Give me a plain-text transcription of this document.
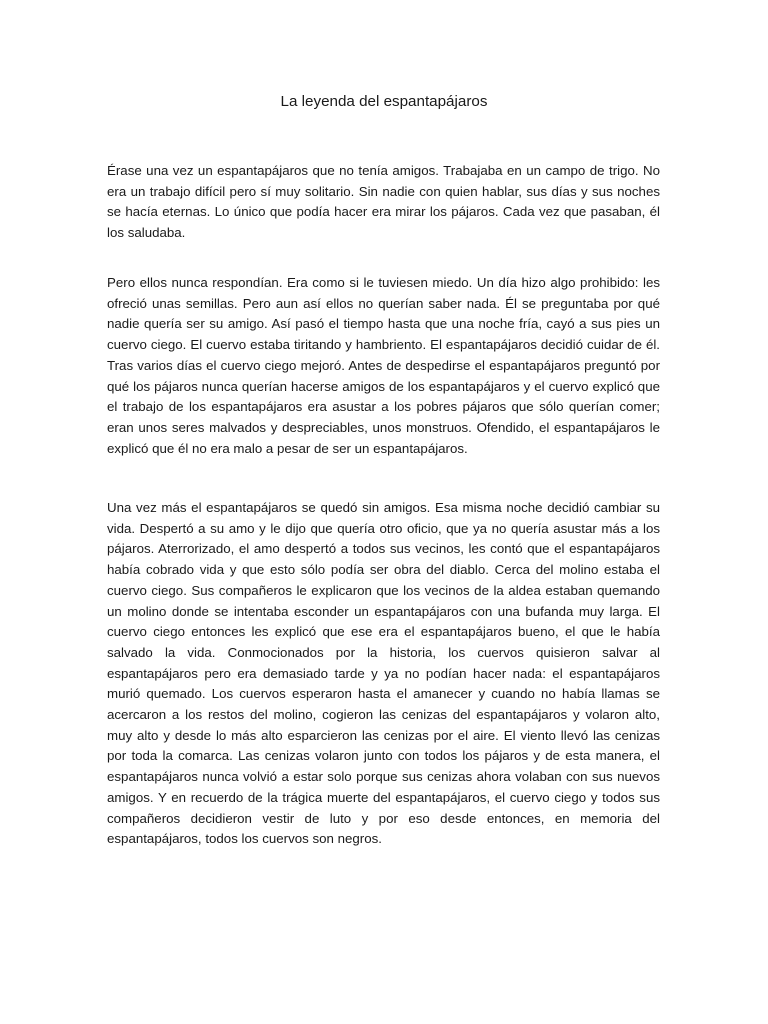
La leyenda del espantapájaros

Érase una vez un espantapájaros que no tenía amigos. Trabajaba en un campo de trigo. No era un trabajo difícil pero sí muy solitario. Sin nadie con quien hablar, sus días y sus noches se hacía eternas. Lo único que podía hacer era mirar los pájaros. Cada vez que pasaban, él los saludaba.

Pero ellos nunca respondían. Era como si le tuviesen miedo. Un día hizo algo prohibido: les ofreció unas semillas. Pero aun así ellos no querían saber nada. Él se preguntaba por qué nadie quería ser su amigo. Así pasó el tiempo hasta que una noche fría, cayó a sus pies un cuervo ciego. El cuervo estaba tiritando y hambriento. El espantapájaros decidió cuidar de él. Tras varios días el cuervo ciego mejoró. Antes de despedirse el espantapájaros preguntó por qué los pájaros nunca querían hacerse amigos de los espantapájaros y el cuervo explicó que el trabajo de los espantapájaros era asustar a los pobres pájaros que sólo querían comer; eran unos seres malvados y despreciables, unos monstruos. Ofendido, el espantapájaros le explicó que él no era malo a pesar de ser un espantapájaros.

Una vez más el espantapájaros se quedó sin amigos. Esa misma noche decidió cambiar su vida. Despertó a su amo y le dijo que quería otro oficio, que ya no quería asustar más a los pájaros. Aterrorizado, el amo despertó a todos sus vecinos, les contó que el espantapájaros había cobrado vida y que esto sólo podía ser obra del diablo. Cerca del molino estaba el cuervo ciego. Sus compañeros le explicaron que los vecinos de la aldea estaban quemando un molino donde se intentaba esconder un espantapájaros con una bufanda muy larga. El cuervo ciego entonces les explicó que ese era el espantapájaros bueno, el que le había salvado la vida. Conmocionados por la historia, los cuervos quisieron salvar al espantapájaros pero era demasiado tarde y ya no podían hacer nada: el espantapájaros murió quemado. Los cuervos esperaron hasta el amanecer y cuando no había llamas se acercaron a los restos del molino, cogieron las cenizas del espantapájaros y volaron alto, muy alto y desde lo más alto esparcieron las cenizas por el aire. El viento llevó las cenizas por toda la comarca. Las cenizas volaron junto con todos los pájaros y de esta manera, el espantapájaros nunca volvió a estar solo porque sus cenizas ahora volaban con sus nuevos amigos. Y en recuerdo de la trágica muerte del espantapájaros, el cuervo ciego y todos sus compañeros decidieron vestir de luto y por eso desde entonces, en memoria del espantapájaros, todos los cuervos son negros.
